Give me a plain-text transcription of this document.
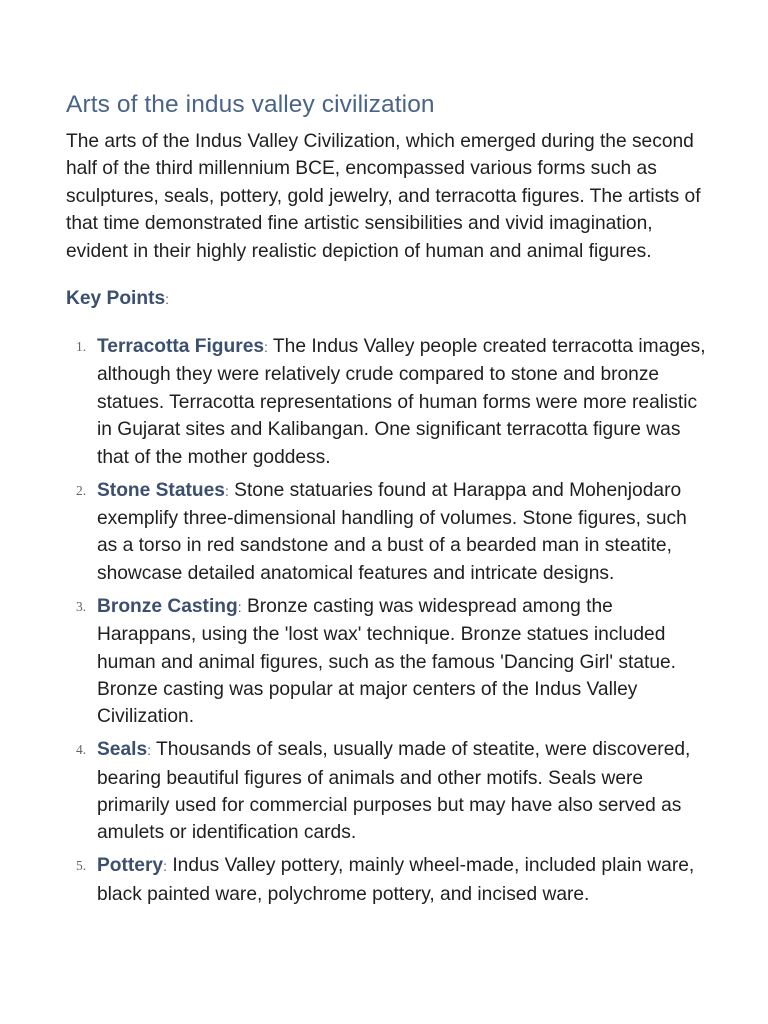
Arts of the indus valley civilization

The arts of the Indus Valley Civilization, which emerged during the second half of the third millennium BCE, encompassed various forms such as sculptures, seals, pottery, gold jewelry, and terracotta figures. The artists of that time demonstrated fine artistic sensibilities and vivid imagination, evident in their highly realistic depiction of human and animal figures.

Key Points:
1. Terracotta Figures: The Indus Valley people created terracotta images, although they were relatively crude compared to stone and bronze statues. Terracotta representations of human forms were more realistic in Gujarat sites and Kalibangan. One significant terracotta figure was that of the mother goddess.
2. Stone Statues: Stone statuaries found at Harappa and Mohenjodaro exemplify three-dimensional handling of volumes. Stone figures, such as a torso in red sandstone and a bust of a bearded man in steatite, showcase detailed anatomical features and intricate designs.
3. Bronze Casting: Bronze casting was widespread among the Harappans, using the 'lost wax' technique. Bronze statues included human and animal figures, such as the famous 'Dancing Girl' statue. Bronze casting was popular at major centers of the Indus Valley Civilization.
4. Seals: Thousands of seals, usually made of steatite, were discovered, bearing beautiful figures of animals and other motifs. Seals were primarily used for commercial purposes but may have also served as amulets or identification cards.
5. Pottery: Indus Valley pottery, mainly wheel-made, included plain ware, black painted ware, polychrome pottery, and incised ware.
